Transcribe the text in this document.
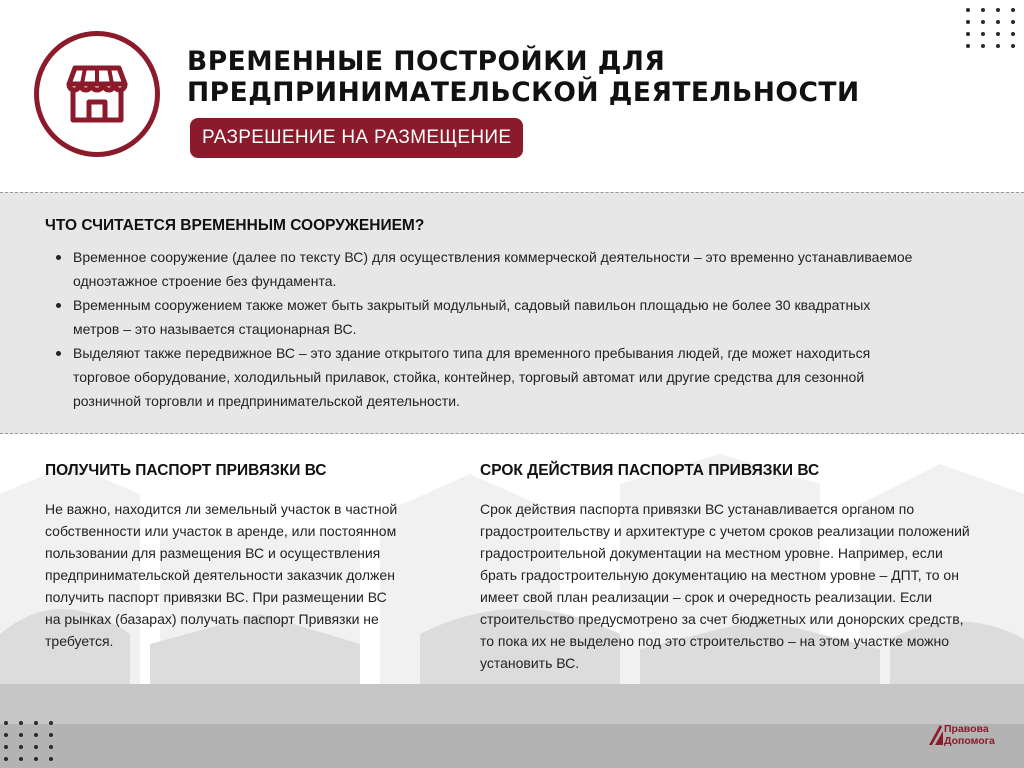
ВРЕМЕННЫЕ ПОСТРОЙКИ ДЛЯ
ПРЕДПРИНИМАТЕЛЬСКОЙ ДЕЯТЕЛЬНОСТИ
РАЗРЕШЕНИЕ НА РАЗМЕЩЕНИЕ
ЧТО СЧИТАЕТСЯ ВРЕМЕННЫМ СООРУЖЕНИЕМ?
Временное сооружение (далее по тексту ВС) для осуществления коммерческой деятельности – это временно устанавливаемое одноэтажное строение без фундамента.
Временным сооружением также может быть закрытый модульный, садовый павильон площадью не более 30 квадратных метров – это называется стационарная ВС.
Выделяют также передвижное ВС – это здание открытого типа для временного пребывания людей, где может находиться торговое оборудование, холодильный прилавок, стойка, контейнер, торговый автомат или другие средства для сезонной розничной торговли и предпринимательской деятельности.
ПОЛУЧИТЬ ПАСПОРТ ПРИВЯЗКИ ВС

Не важно, находится ли земельный участок в частной собственности или участок в аренде, или постоянном пользовании для размещения ВС и осуществления предпринимательской деятельности заказчик должен получить паспорт привязки ВС. При размещении ВС на рынках (базарах) получать паспорт Привязки не требуется.

СРОК ДЕЙСТВИЯ ПАСПОРТА ПРИВЯЗКИ ВС

Срок действия паспорта привязки ВС устанавливается органом по градостроительству и архитектуре с учетом сроков реализации положений градостроительной документации на местном уровне. Например, если брать градостроительную документацию на местном уровне – ДПТ, то он имеет свой план реализации – срок и очередность реализации. Если строительство предусмотрено за счет бюджетных или донорских средств, то пока их не выделено под это строительство – на этом участке можно установить ВС.

Правова
Допомога
